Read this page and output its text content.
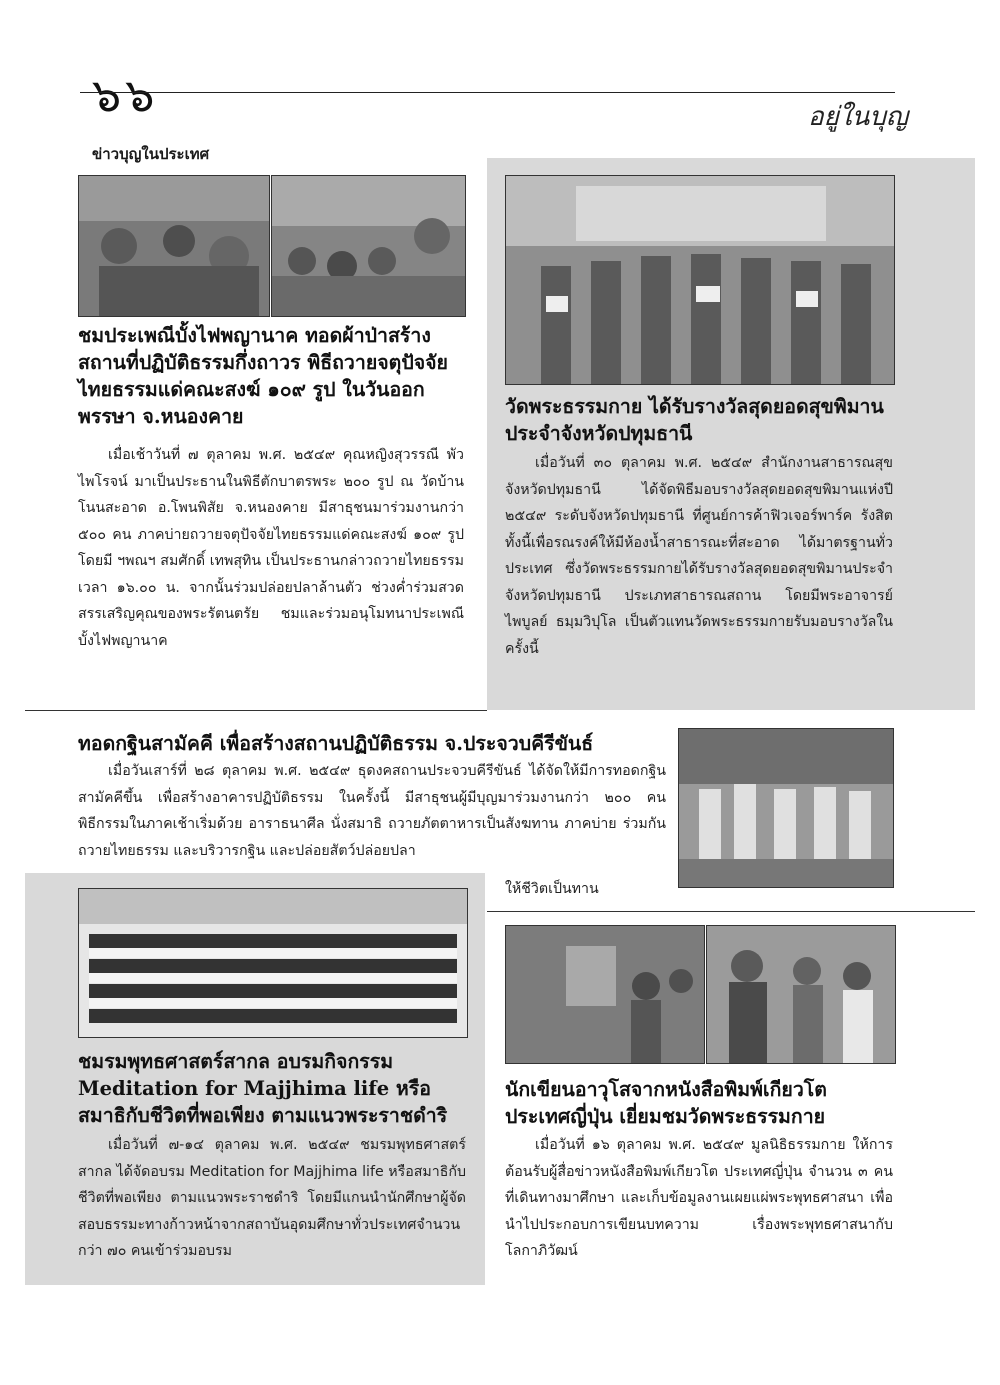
๖๖	อยู่ในบุญ
ข่าวบุญในประเทศ
ชมประเพณีบั้งไฟพญานาค ทอดผ้าป่าสร้างสถานที่ปฏิบัติธรรมกึ่งถาวร พิธีถวายจตุปัจจัยไทยธรรมแด่คณะสงฆ์ ๑๐๙ รูป ในวันออกพรรษา จ.หนองคาย
เมื่อเช้าวันที่ ๗ ตุลาคม พ.ศ. ๒๕๔๙ คุณหญิงสุวรรณี พัวไพโรจน์ มาเป็นประธานในพิธีตักบาตรพระ ๒๐๐ รูป ณ วัดบ้านโนนสะอาด อ.โพนพิสัย จ.หนองคาย มีสาธุชนมาร่วมงานกว่า ๕๐๐ คน ภาคบ่ายถวายจตุปัจจัยไทยธรรมแด่คณะสงฆ์ ๑๐๙ รูป โดยมี ฯพณฯ สมศักดิ์ เทพสุทิน เป็นประธานกล่าวถวายไทยธรรม เวลา ๑๖.๐๐ น. จากนั้นร่วมปล่อยปลาล้านตัว ช่วงค่ำร่วมสวดสรรเสริญคุณของพระรัตนตรัย ชมและร่วมอนุโมทนาประเพณีบั้งไฟพญานาค
วัดพระธรรมกาย ได้รับรางวัลสุดยอดสุขพิมานประจำจังหวัดปทุมธานี
เมื่อวันที่ ๓๐ ตุลาคม พ.ศ. ๒๕๔๙ สำนักงานสาธารณสุขจังหวัดปทุมธานี ได้จัดพิธีมอบรางวัลสุดยอดสุขพิมานแห่งปี ๒๕๔๙ ระดับจังหวัดปทุมธานี ที่ศูนย์การค้าฟิวเจอร์พาร์ค รังสิต ทั้งนี้เพื่อรณรงค์ให้มีห้องน้ำสาธารณะที่สะอาด ได้มาตรฐานทั่วประเทศ ซึ่งวัดพระธรรมกายได้รับรางวัลสุดยอดสุขพิมานประจำจังหวัดปทุมธานี ประเภทสาธารณสถาน โดยมีพระอาจารย์ไพบูลย์ ธมฺมวิปุโล เป็นตัวแทนวัดพระธรรมกายรับมอบรางวัลในครั้งนี้
ทอดกฐินสามัคคี เพื่อสร้างสถานปฏิบัติธรรม จ.ประจวบคีรีขันธ์
เมื่อวันเสาร์ที่ ๒๘ ตุลาคม พ.ศ. ๒๕๔๙ ธุดงคสถานประจวบคีรีขันธ์ ได้จัดให้มีการทอดกฐินสามัคคีขึ้น เพื่อสร้างอาคารปฏิบัติธรรม ในครั้งนี้ มีสาธุชนผู้มีบุญมาร่วมงานกว่า ๒๐๐ คน พิธีกรรมในภาคเช้าเริ่มด้วย อาราธนาศีล นั่งสมาธิ ถวายภัตตาหารเป็นสังฆทาน ภาคบ่าย ร่วมกันถวายไทยธรรม และบริวารกฐิน และปล่อยสัตว์ปล่อยปลา
ให้ชีวิตเป็นทาน
ชมรมพุทธศาสตร์สากล อบรมกิจกรรม Meditation for Majjhima life หรือสมาธิกับชีวิตที่พอเพียง ตามแนวพระราชดำริ
เมื่อวันที่ ๗-๑๔ ตุลาคม พ.ศ. ๒๕๔๙ ชมรมพุทธศาสตร์สากล ได้จัดอบรม Meditation for Majjhima life หรือสมาธิกับชีวิตที่พอเพียง ตามแนวพระราชดำริ โดยมีแกนนำนักศึกษาผู้จัดสอบธรรมะทางก้าวหน้าจากสถาบันอุดมศึกษาทั่วประเทศจำนวนกว่า ๗๐ คนเข้าร่วมอบรม
นักเขียนอาวุโสจากหนังสือพิมพ์เกียวโต ประเทศญี่ปุ่น เยี่ยมชมวัดพระธรรมกาย
เมื่อวันที่ ๑๖ ตุลาคม พ.ศ. ๒๕๔๙ มูลนิธิธรรมกาย ให้การต้อนรับผู้สื่อข่าวหนังสือพิมพ์เกียวโต ประเทศญี่ปุ่น จำนวน ๓ คน ที่เดินทางมาศึกษา และเก็บข้อมูลงานเผยแผ่พระพุทธศาสนา เพื่อนำไปประกอบการเขียนบทความ เรื่องพระพุทธศาสนากับโลกาภิวัฒน์
